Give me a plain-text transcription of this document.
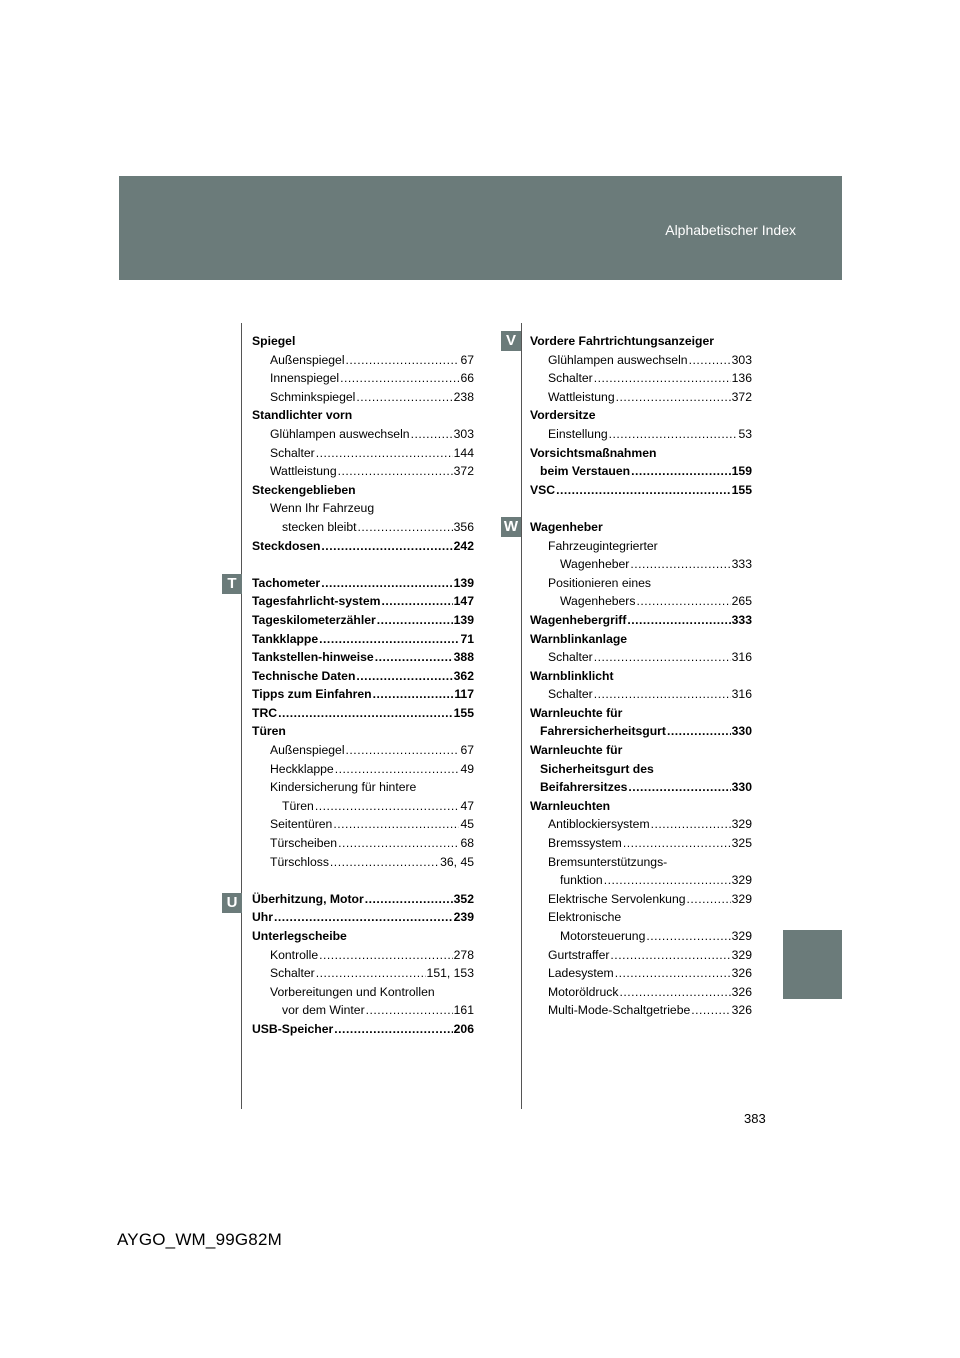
Alphabetischer Index
T
U
V
W
Spiegel
Außenspiegel .....	67
Innenspiegel .....	66
Schminkspiegel .....	238
Standlichter vorn
Glühlampen auswechseln .....	303
Schalter .....	144
Wattleistung .....	372
Steckengeblieben
Wenn Ihr Fahrzeug
stecken bleibt .....	356
Steckdosen .....	242
Tachometer .....	139
Tagesfahrlicht-system .....	147
Tageskilometerzähler .....	139
Tankklappe .....	71
Tankstellen-hinweise .....	388
Technische Daten .....	362
Tipps zum Einfahren .....	117
TRC .....	155
Türen
Außenspiegel .....	67
Heckklappe .....	49
Kindersicherung für hintere
Türen .....	47
Seitentüren .....	45
Türscheiben .....	68
Türschloss .....	36, 45
Überhitzung, Motor .....	352
Uhr .....	239
Unterlegscheibe
Kontrolle .....	278
Schalter .....	151, 153
Vorbereitungen und Kontrollen
vor dem Winter .....	161
USB-Speicher .....	206
Vordere Fahrtrichtungsanzeiger
Glühlampen auswechseln .....	303
Schalter .....	136
Wattleistung .....	372
Vordersitze
Einstellung .....	53
Vorsichtsmaßnahmen
beim Verstauen .....	159
VSC .....	155
Wagenheber
Fahrzeugintegrierter
Wagenheber .....	333
Positionieren eines
Wagenhebers .....	265
Wagenhebergriff .....	333
Warnblinkanlage
Schalter .....	316
Warnblinklicht
Schalter .....	316
Warnleuchte für
Fahrersicherheitsgurt .....	330
Warnleuchte für
Sicherheitsgurt des
Beifahrersitzes .....	330
Warnleuchten
Antiblockiersystem .....	329
Bremssystem .....	325
Bremsunterstützungs-
funktion .....	329
Elektrische Servolenkung .....	329
Elektronische
Motorsteuerung .....	329
Gurtstraffer .....	329
Ladesystem .....	326
Motoröldruck .....	326
Multi-Mode-Schaltgetriebe .....	326
383
AYGO_WM_99G82M
